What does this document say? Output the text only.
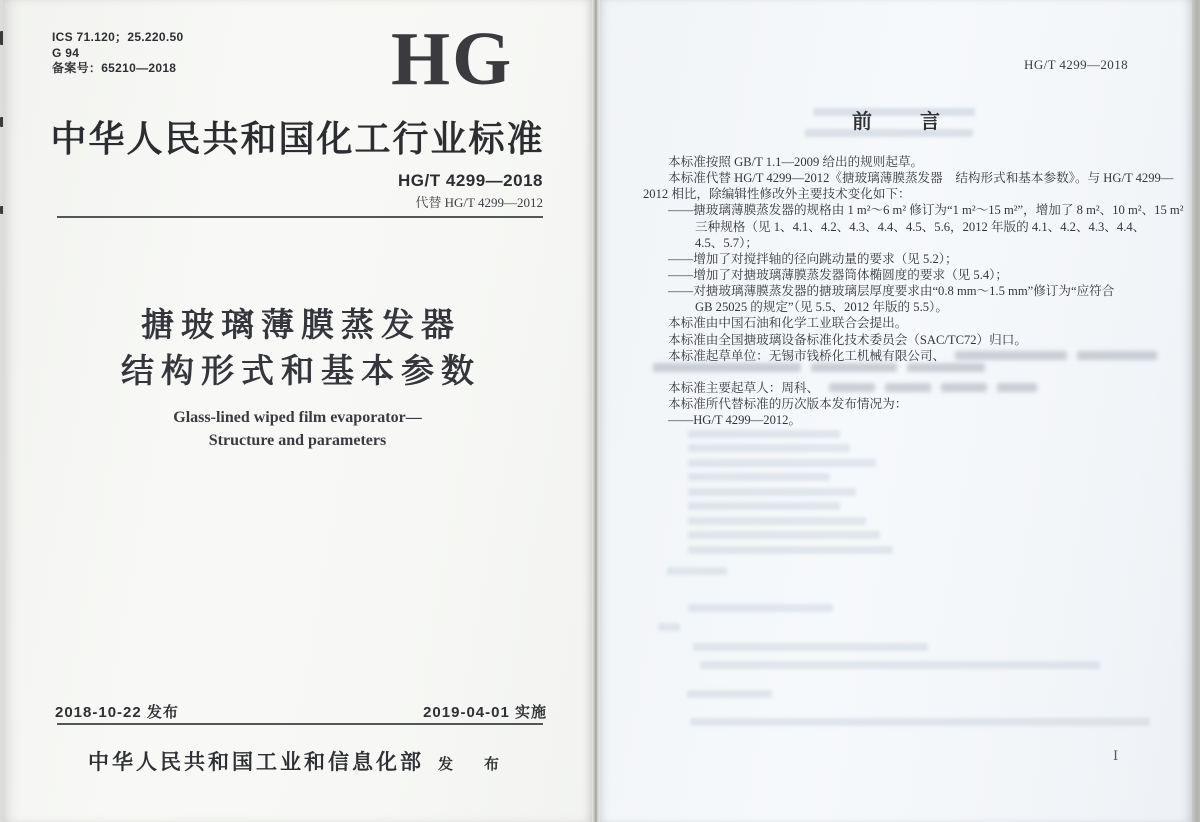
ICS 71.120；25.220.50
G 94
备案号：65210—2018	HG
中华人民共和国化工行业标准
HG/T 4299—2018
代替 HG/T 4299—2012
搪玻璃薄膜蒸发器
结构形式和基本参数
Glass-lined wiped film evaporator—
Structure and parameters
2018-10-22 发布	2019-04-01 实施
中华人民共和国工业和信息化部 发　布
HG/T 4299—2018
前　言
本标准按照 GB/T 1.1—2009 给出的规则起草。
本标准代替 HG/T 4299—2012《搪玻璃薄膜蒸发器　结构形式和基本参数》。与 HG/T 4299—
2012 相比，除编辑性修改外主要技术变化如下：
——搪玻璃薄膜蒸发器的规格由 1 m²～6 m² 修订为“1 m²～15 m²”，增加了 8 m²、10 m²、15 m²
三种规格（见 1、4.1、4.2、4.3、4.4、4.5、5.6，2012 年版的 4.1、4.2、4.3、4.4、
4.5、5.7）；
——增加了对搅拌轴的径向跳动量的要求（见 5.2）；
——增加了对搪玻璃薄膜蒸发器筒体椭圆度的要求（见 5.4）；
——对搪玻璃薄膜蒸发器的搪玻璃层厚度要求由“0.8 mm～1.5 mm”修订为“应符合
GB 25025 的规定”（见 5.5、2012 年版的 5.5）。
本标准由中国石油和化学工业联合会提出。
本标准由全国搪玻璃设备标准化技术委员会（SAC/TC72）归口。
本标准起草单位：无锡市钱桥化工机械有限公司、
本标准主要起草人：周科、
本标准所代替标准的历次版本发布情况为：
——HG/T 4299—2012。
Ⅰ
